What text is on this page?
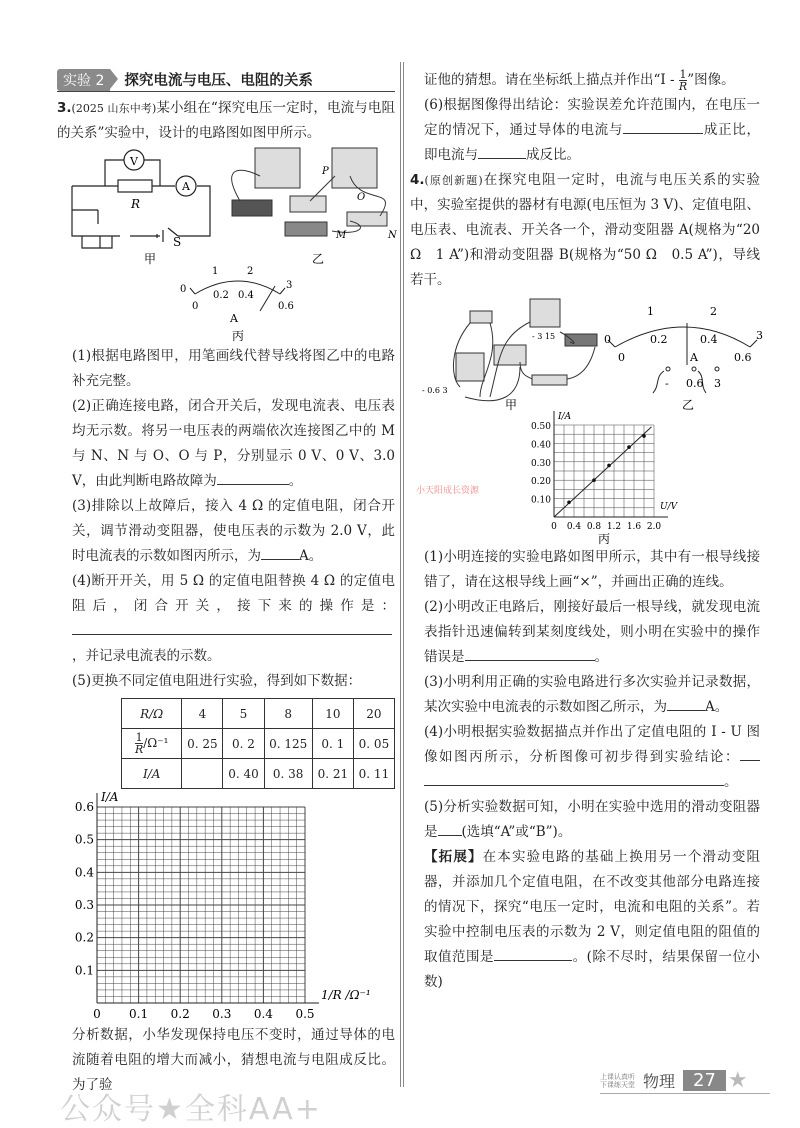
实验 2	探究电流与电压、电阻的关系

3.(2025 山东中考)某小组在“探究电压一定时，电流与电阻的关系”实验中，设计的电路图如图甲所示。

V
A
R
S
甲
P
O
M	N
乙
0
1	2
3
0
0.2 0.4
0.6
A
丙

(1)根据电路图甲，用笔画线代替导线将图乙中的电路补充完整。

(2)正确连接电路，闭合开关后，发现电流表、电压表均无示数。将另一电压表的两端依次连接图乙中的 M 与 N、N 与 O、O 与 P，分别显示 0 V、0 V、3.0 V，由此判断电路故障为	。

(3)排除以上故障后，接入 4 Ω 的定值电阻，闭合开关，调节滑动变阻器，使电压表的示数为 2.0 V，此时电流表的示数如图丙所示，为	A。

(4)断开开关，用 5 Ω 的定值电阻替换 4 Ω 的定值电阻后，闭合开关，接下来的操作是：，并记录电流表的示数。

(5)更换不同定值电阻进行实验，得到如下数据：

R/Ω	4	5	8	10	20

$\frac{1}{R} /\Omega^{-1}$	0. 25	0. 2	0. 125	0. 1	0. 05
I/A		0. 40	0. 38	0. 21	0. 11
0 0.1 0.2 0.3 0.4 0.5
0.1
0.2
0.3
0.4
0.5
0.6
I/A
1/R /Ω⁻¹

分析数据，小华发现保持电压不变时，通过导体的电流随着电阻的增大而减小，猜想电流与电阻成反比。为了验

证他的猜想。请在坐标纸上描点并作出“I - $\frac{1}{R}$ ”图像。

(6)根据图像得出结论：实验误差允许范围内，在电压一定的情况下，通过导体的电流与	成正比，即电流与	成反比。

4.(原创新题)在探究电阻一定时，电流与电压关系的实验中，实验室提供的器材有电源(电压恒为 3 V)、定值电阻、电压表、电流表、开关各一个，滑动变阻器 A(规格为“20 Ω　1 A”)和滑动变阻器 B(规格为“50 Ω　0.5 A”)，导线若干。

- 0.6 3
- 3 15
甲
0
1	2
3
0
0.2	0.4
0.6
A
- 0.6 3
乙
0 0.4 0.8 1.2 1.6 2.0
0.10
0.20
0.30
0.40
0.50
I/A
U/V
丙
小天阳成长资源

(1)小明连接的实验电路如图甲所示，其中有一根导线接错了，请在这根导线上画“×”，并画出正确的连线。

(2)小明改正电路后，刚接好最后一根导线，就发现电流表指针迅速偏转到某刻度线处，则小明在实验中的操作错误是	。

(3)小明利用正确的实验电路进行多次实验并记录数据，某次实验中电流表的示数如图乙所示，为	A。

(4)小明根据实验数据描点并作出了定值电阻的 I - U 图像如图丙所示，分析图像可初步得到实验结论：。

(5)分析实验数据可知，小明在实验中选用的滑动变阻器是 (选填“A”或“B”)。

【拓展】在本实验电路的基础上换用另一个滑动变阻器，并添加几个定值电阻，在不改变其他部分电路连接的情况下，探究“电压一定时，电流和电阻的关系”。若实验中控制电压表的示数为 2 V，则定值电阻的阻值的取值范围是	。(除不尽时，结果保留一位小数)

公众号★全科AA+
上课认真听
下课练天堂 物理	27 ★
